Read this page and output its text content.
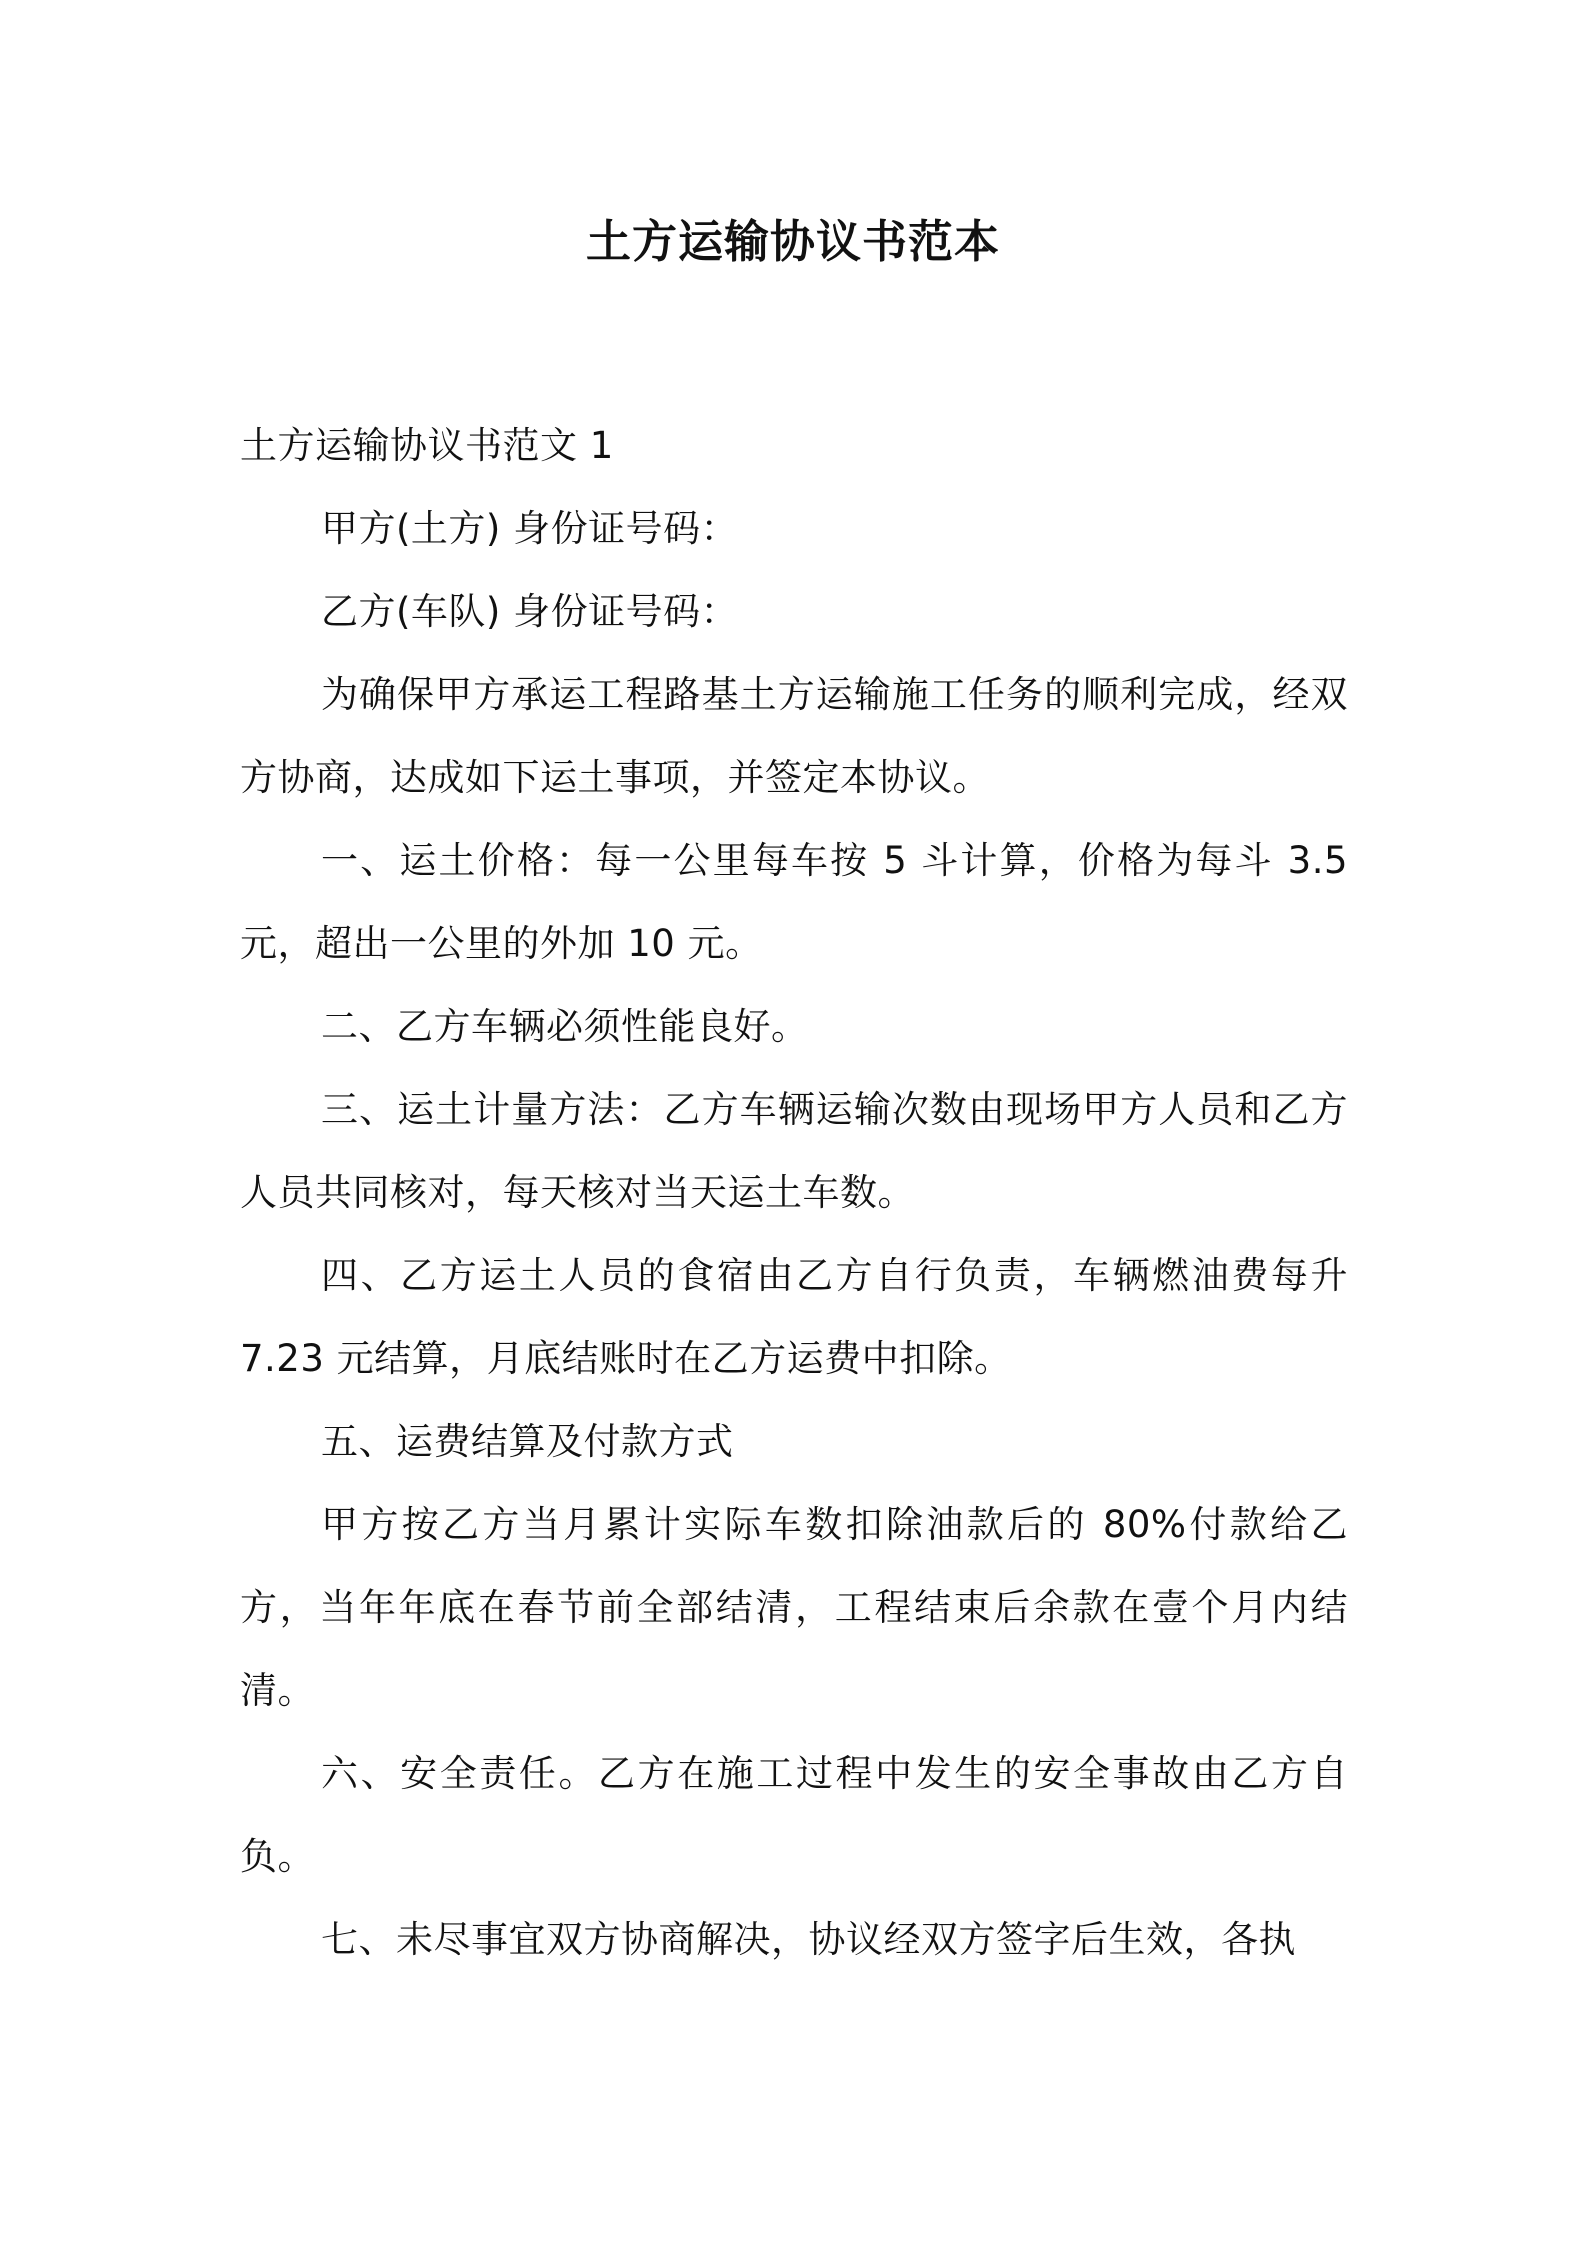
土方运输协议书范本

土方运输协议书范文 1

甲方(土方) 身份证号码：

乙方(车队) 身份证号码：

为确保甲方承运工程路基土方运输施工任务的顺利完成，经双方协商，达成如下运土事项，并签定本协议。

一、运土价格：每一公里每车按 5 斗计算，价格为每斗 3.5 元，超出一公里的外加 10 元。

二、乙方车辆必须性能良好。

三、运土计量方法：乙方车辆运输次数由现场甲方人员和乙方人员共同核对，每天核对当天运土车数。

四、乙方运土人员的食宿由乙方自行负责，车辆燃油费每升 7.23 元结算，月底结账时在乙方运费中扣除。

五、运费结算及付款方式

甲方按乙方当月累计实际车数扣除油款后的 80%付款给乙方，当年年底在春节前全部结清，工程结束后余款在壹个月内结清。

六、安全责任。乙方在施工过程中发生的安全事故由乙方自负。

七、未尽事宜双方协商解决，协议经双方签字后生效，各执
